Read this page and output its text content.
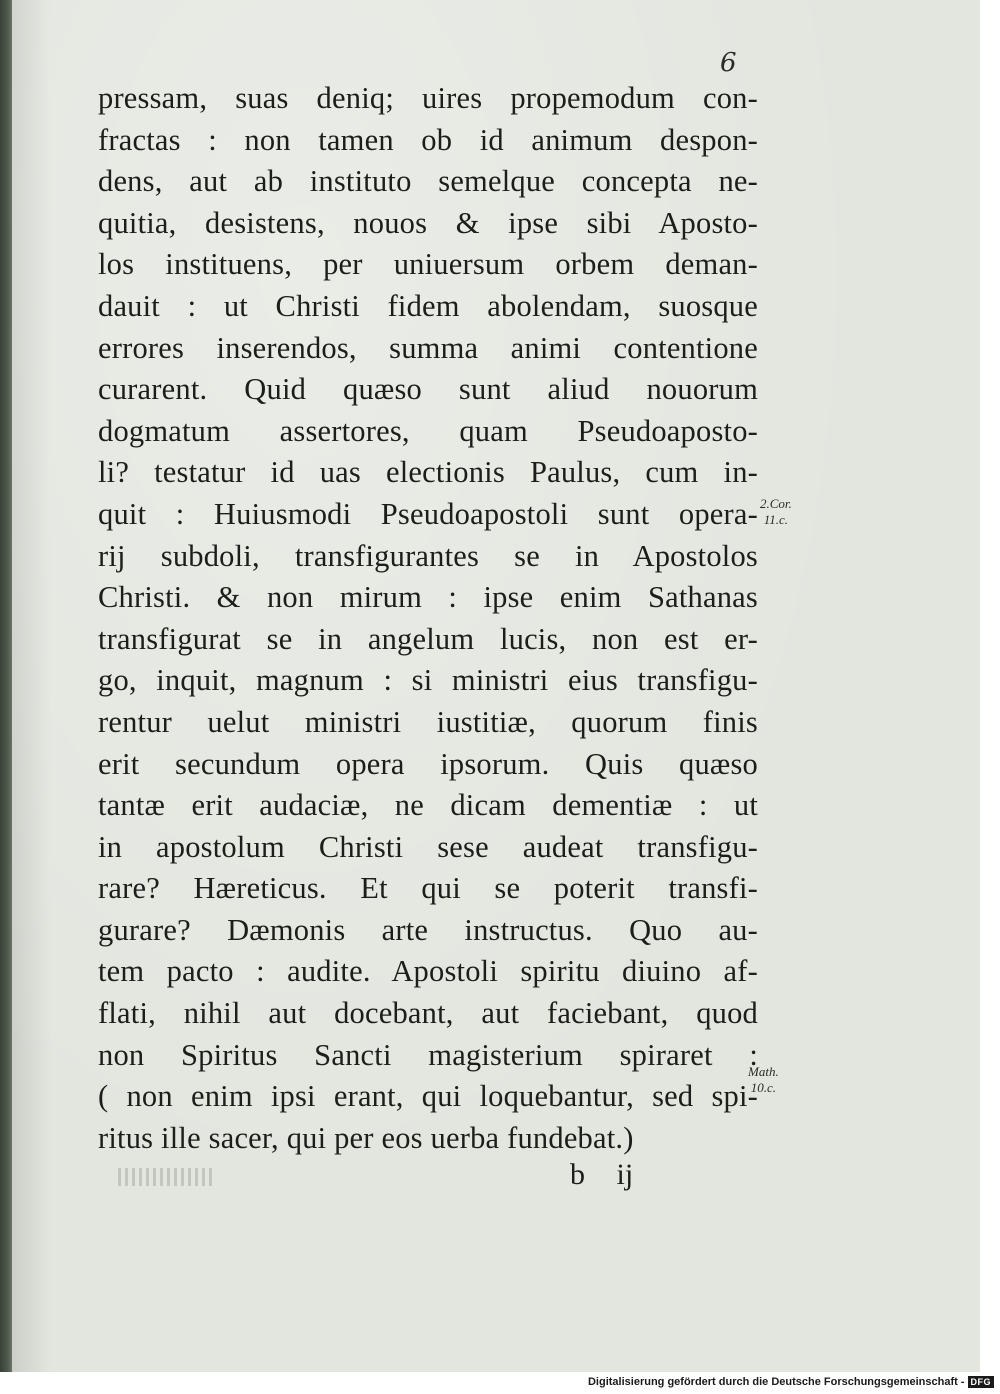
6
pressam, suas deniq; uires propemodum con-
fractas : non tamen ob id animum despon-
dens, aut ab instituto semelque concepta ne-
quitia, desistens, nouos & ipse sibi Aposto-
los instituens, per uniuersum orbem deman-
dauit : ut Christi fidem abolendam, suosque
errores inserendos, summa animi contentione
curarent. Quid quæso sunt aliud nouorum
dogmatum assertores, quam Pseudoaposto-
li? testatur id uas electionis Paulus, cum in-
quit : Huiusmodi Pseudoapostoli sunt opera-
rij subdoli, transfigurantes se in Apostolos
Christi. & non mirum : ipse enim Sathanas
transfigurat se in angelum lucis, non est er-
go, inquit, magnum : si ministri eius transfigu-
rentur uelut ministri iustitiæ, quorum finis
erit secundum opera ipsorum. Quis quæso
tantæ erit audaciæ, ne dicam dementiæ : ut
in apostolum Christi sese audeat transfigu-
rare? Hæreticus. Et qui se poterit transfi-
gurare? Dæmonis arte instructus. Quo au-
tem pacto : audite. Apostoli spiritu diuino af-
flati, nihil aut docebant, aut faciebant, quod
non Spiritus Sancti magisterium spiraret :
( non enim ipsi erant, qui loquebantur, sed spi-
ritus ille sacer, qui per eos uerba fundebat.)
2.Cor.
11.c.
Math.
10.c.
b ij
Digitalisierung gefördert durch die Deutsche Forschungsgemeinschaft - DFG
